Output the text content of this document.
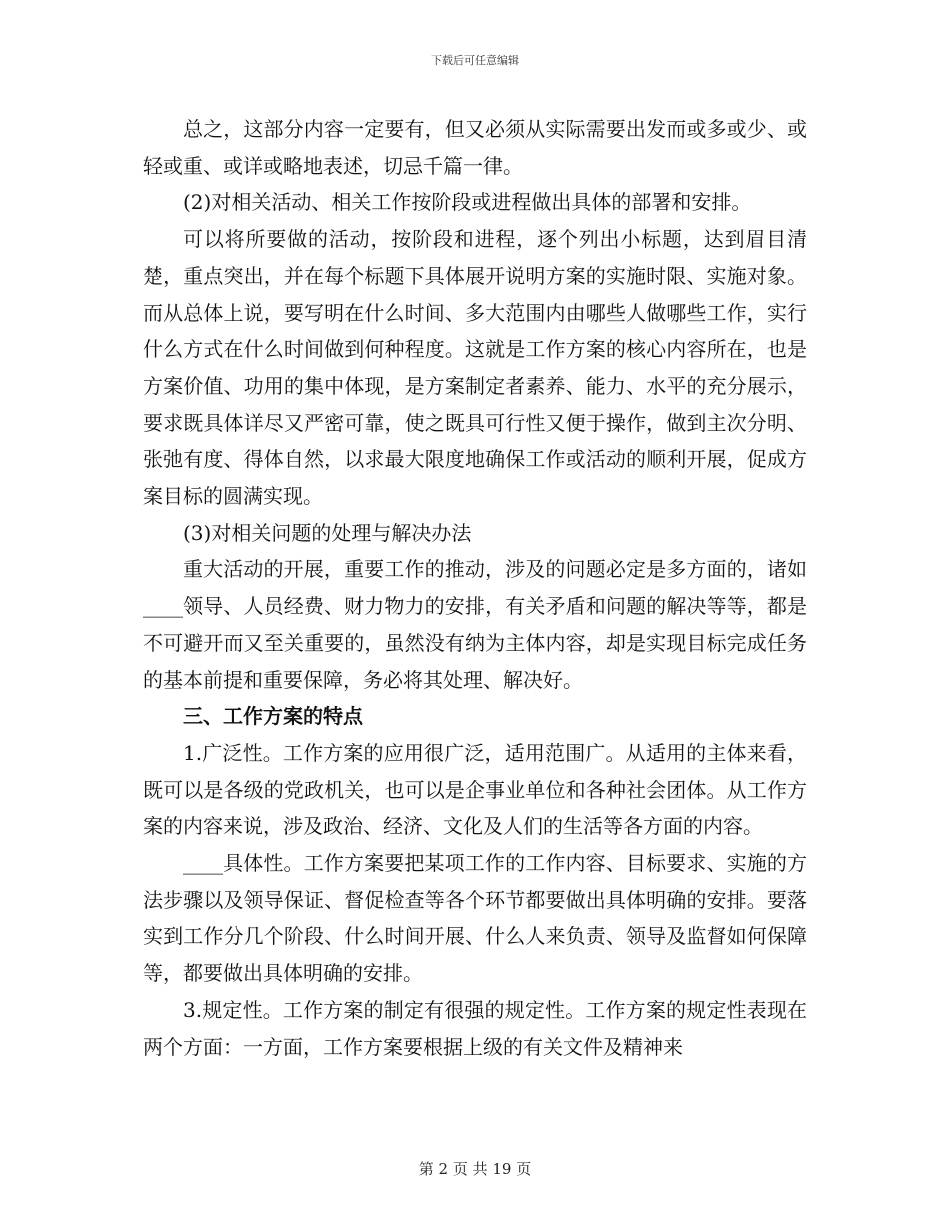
下载后可任意编辑

总之，这部分内容一定要有，但又必须从实际需要出发而或多或少、或轻或重、或详或略地表述，切忌千篇一律。

(2)对相关活动、相关工作按阶段或进程做出具体的部署和安排。

可以将所要做的活动，按阶段和进程，逐个列出小标题，达到眉目清楚，重点突出，并在每个标题下具体展开说明方案的实施时限、实施对象。而从总体上说，要写明在什么时间、多大范围内由哪些人做哪些工作，实行什么方式在什么时间做到何种程度。这就是工作方案的核心内容所在，也是方案价值、功用的集中体现，是方案制定者素养、能力、水平的充分展示，要求既具体详尽又严密可靠，使之既具可行性又便于操作，做到主次分明、张弛有度、得体自然，以求最大限度地确保工作或活动的顺利开展，促成方案目标的圆满实现。

(3)对相关问题的处理与解决办法

重大活动的开展，重要工作的推动，涉及的问题必定是多方面的，诸如____领导、人员经费、财力物力的安排，有关矛盾和问题的解决等等，都是不可避开而又至关重要的，虽然没有纳为主体内容，却是实现目标完成任务的基本前提和重要保障，务必将其处理、解决好。

三、工作方案的特点

1.广泛性。工作方案的应用很广泛，适用范围广。从适用的主体来看，既可以是各级的党政机关，也可以是企事业单位和各种社会团体。从工作方案的内容来说，涉及政治、经济、文化及人们的生活等各方面的内容。

____具体性。工作方案要把某项工作的工作内容、目标要求、实施的方法步骤以及领导保证、督促检查等各个环节都要做出具体明确的安排。要落实到工作分几个阶段、什么时间开展、什么人来负责、领导及监督如何保障等，都要做出具体明确的安排。

3.规定性。工作方案的制定有很强的规定性。工作方案的规定性表现在两个方面：一方面，工作方案要根据上级的有关文件及精神来

第 2 页 共 19 页
